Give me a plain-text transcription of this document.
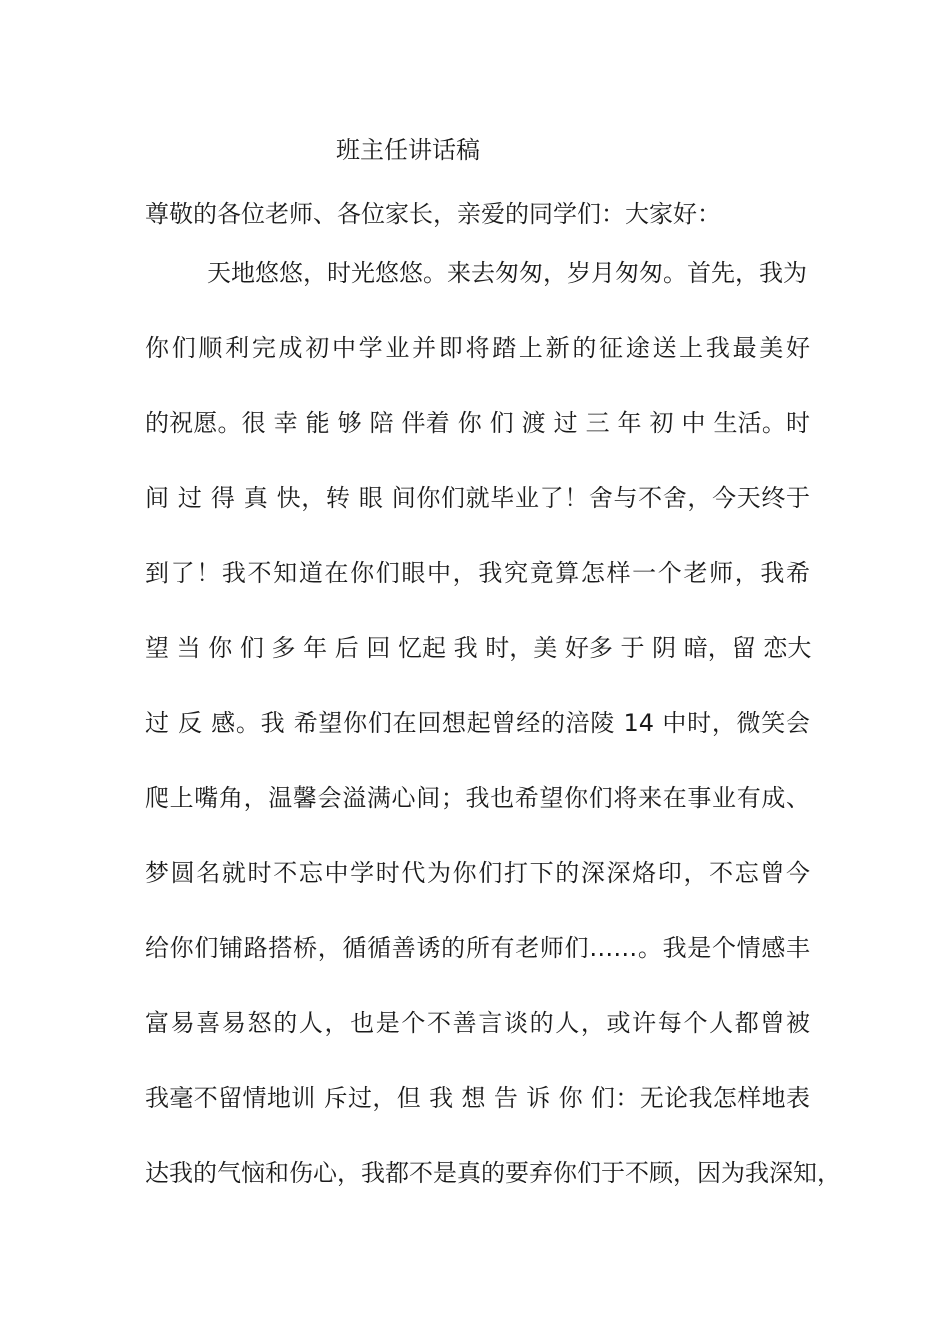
班主任讲话稿
尊敬的各位老师、各位家长，亲爱的同学们：大家好：
天地悠悠，时光悠悠。来去匆匆，岁月匆匆。首先，我为
你们顺利完成初中学业并即将踏上新的征途送上我最美好
的祝愿。很 幸 能 够 陪 伴着 你 们 渡 过 三 年 初 中 生活。时
间 过 得 真 快，转 眼 间你们就毕业了！舍与不舍，今天终于
到了！我不知道在你们眼中，我究竟算怎样一个老师，我希
望 当 你 们 多 年 后 回 忆起 我 时，美 好多 于 阴 暗，留 恋大
过 反 感。我 希望你们在回想起曾经的涪陵 14 中时，微笑会
爬上嘴角，温馨会溢满心间；我也希望你们将来在事业有成、
梦圆名就时不忘中学时代为你们打下的深深烙印，不忘曾今
给你们铺路搭桥，循循善诱的所有老师们……。我是个情感丰
富易喜易怒的人，也是个不善言谈的人，或许每个人都曾被
我毫不留情地训 斥过，但 我 想 告 诉 你 们：无论我怎样地表
达我的气恼和伤心，我都不是真的要弃你们于不顾，因为我深知，
